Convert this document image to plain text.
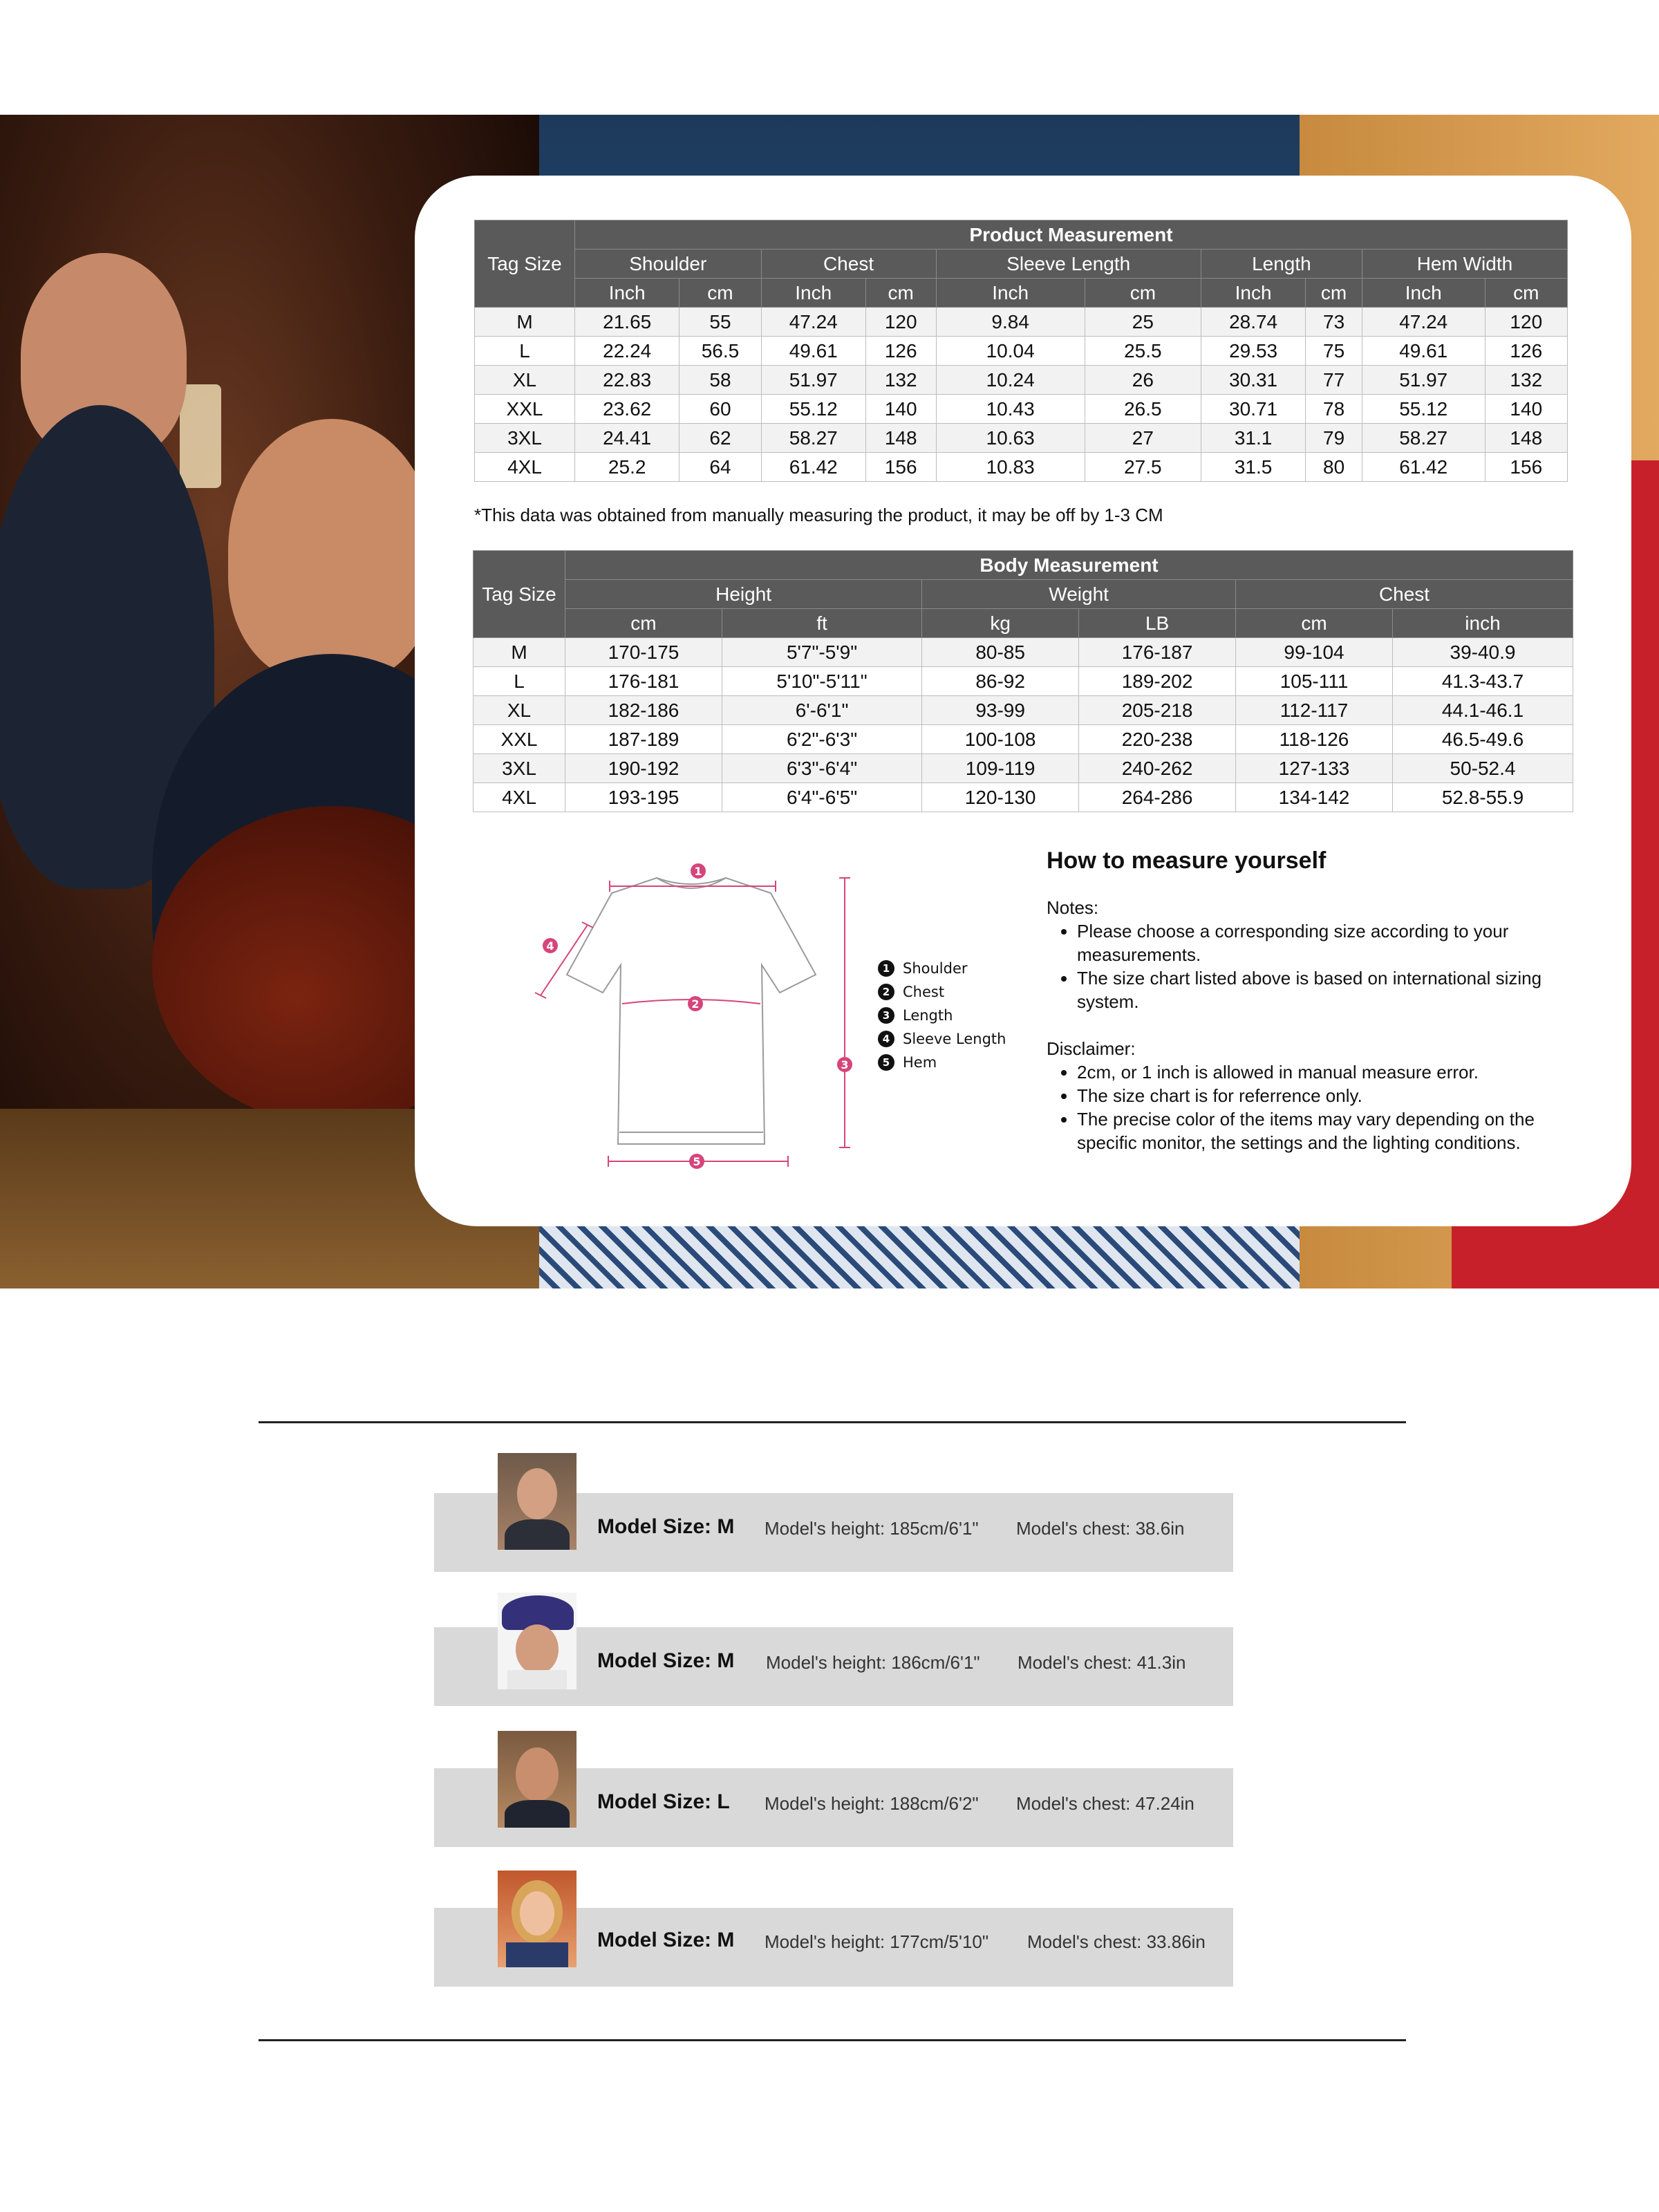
Tag Size	Product Measurement									
	Shoulder		Chest		Sleeve Length		Length		Hem Width	
	Inch	cm	Inch	cm	Inch	cm	Inch	cm	Inch	cm
M	21.65	55	47.24	120	9.84	25	28.74	73	47.24	120
L	22.24	56.5	49.61	126	10.04	25.5	29.53	75	49.61	126
XL	22.83	58	51.97	132	10.24	26	30.31	77	51.97	132
XXL	23.62	60	55.12	140	10.43	26.5	30.71	78	55.12	140
3XL	24.41	62	58.27	148	10.63	27	31.1	79	58.27	148
4XL	25.2	64	61.42	156	10.83	27.5	31.5	80	61.42	156
*This data was obtained from manually measuring the product, it may be off by 1-3 CM
Tag Size	Body Measurement					
	Height		Weight		Chest	
	cm	ft	kg	LB	cm	inch
M	170-175	5'7"-5'9"	80-85	176-187	99-104	39-40.9
L	176-181	5'10"-5'11"	86-92	189-202	105-111	41.3-43.7
XL	182-186	6'-6'1"	93-99	205-218	112-117	44.1-46.1
XXL	187-189	6'2"-6'3"	100-108	220-238	118-126	46.5-49.6
3XL	190-192	6'3"-6'4"	109-119	240-262	127-133	50-52.4
4XL	193-195	6'4"-6'5"	120-130	264-286	134-142	52.8-55.9
1
2
3
4
5
1 Shoulder
2 Chest
3 Length
4 Sleeve Length
5 Hem
How to measure yourself

Notes:

• Please choose a corresponding size according to your measurements.
• The size chart listed above is based on international sizing system.

Disclaimer:

• 2cm, or 1 inch is allowed in manual measure error.
• The size chart is for referrence only.
• The precise color of the items may vary depending on the specific monitor, the settings and the lighting conditions.
Model Size: M Model's height: 185cm/6'1" Model's chest: 38.6in
Model Size: M Model's height: 186cm/6'1" Model's chest: 41.3in
Model Size: L Model's height: 188cm/6'2" Model's chest: 47.24in
Model Size: M Model's height: 177cm/5'10" Model's chest: 33.86in
